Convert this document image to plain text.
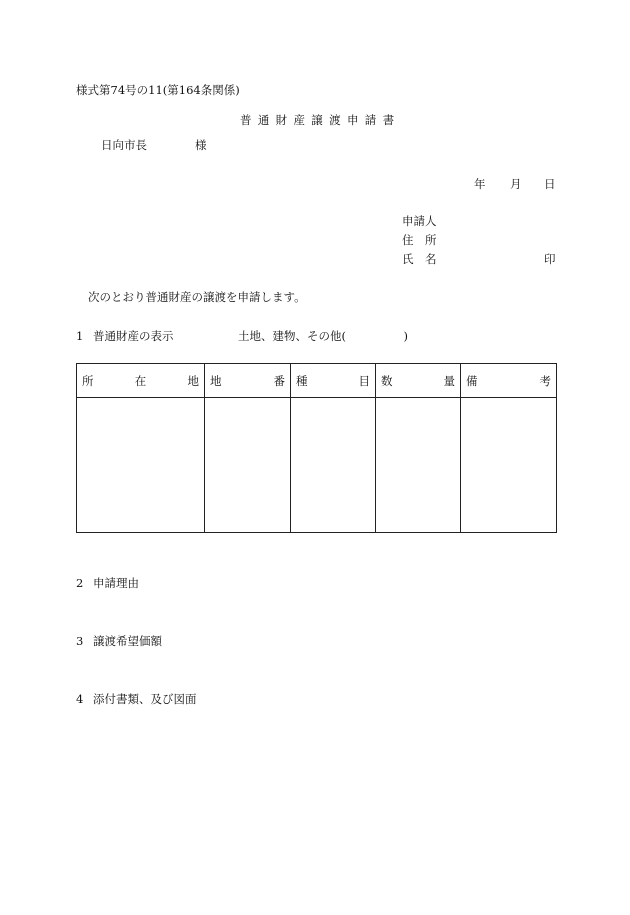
様式第74号の11(第164条関係)
普通財産譲渡申請書
日向市長	様
年 月 日
申請人
住　所
氏　名	印
次のとおり普通財産の譲渡を申請します。
1 普通財産の表示	土地、建物、その他(　　　　　)
所 在 地	地 番	種 目	数 量	備 考

2 申請理由
3 譲渡希望価額
4 添付書類、及び図面
